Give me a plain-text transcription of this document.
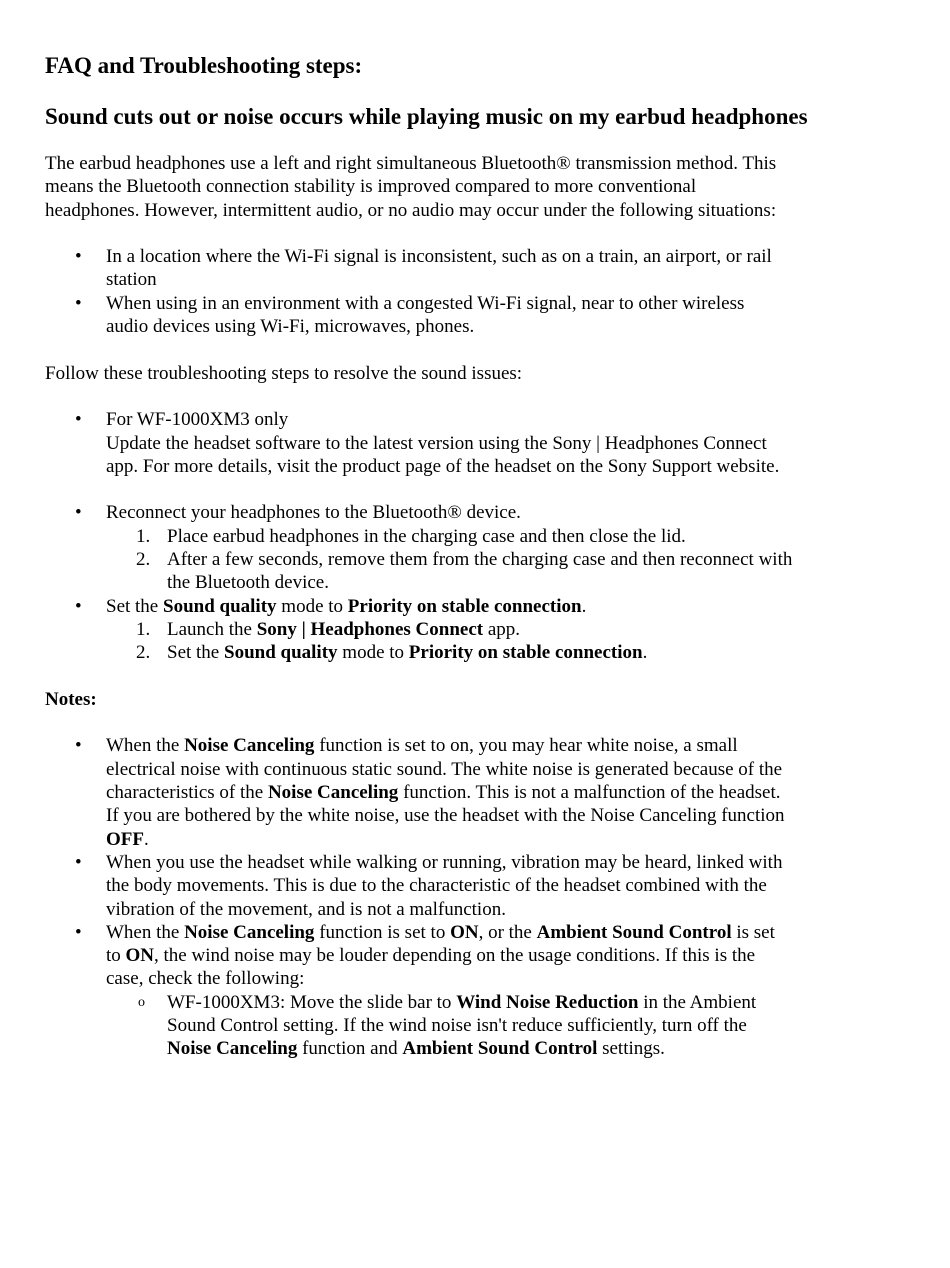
FAQ and Troubleshooting steps:
Sound cuts out or noise occurs while playing music on my earbud headphones

The earbud headphones use a left and right simultaneous Bluetooth® transmission method. This
means the Bluetooth connection stability is improved compared to more conventional
headphones. However, intermittent audio, or no audio may occur under the following situations:

• In a location where the Wi-Fi signal is inconsistent, such as on a train, an airport, or rail
station
• When using in an environment with a congested Wi-Fi signal, near to other wireless
audio devices using Wi-Fi, microwaves, phones.

Follow these troubleshooting steps to resolve the sound issues:

• For WF-1000XM3 only
Update the headset software to the latest version using the Sony | Headphones Connect
app. For more details, visit the product page of the headset on the Sony Support website.
• Reconnect your headphones to the Bluetooth® device.
1. Place earbud headphones in the charging case and then close the lid.
2. After a few seconds, remove them from the charging case and then reconnect with
the Bluetooth device.
• Set the Sound quality mode to Priority on stable connection.
1. Launch the Sony | Headphones Connect app.
2. Set the Sound quality mode to Priority on stable connection.

Notes:

• When the Noise Canceling function is set to on, you may hear white noise, a small
electrical noise with continuous static sound. The white noise is generated because of the
characteristics of the Noise Canceling function. This is not a malfunction of the headset.
If you are bothered by the white noise, use the headset with the Noise Canceling function
OFF.
• When you use the headset while walking or running, vibration may be heard, linked with
the body movements. This is due to the characteristic of the headset combined with the
vibration of the movement, and is not a malfunction.
• When the Noise Canceling function is set to ON, or the Ambient Sound Control is set
to ON, the wind noise may be louder depending on the usage conditions. If this is the
case, check the following:
o WF-1000XM3: Move the slide bar to Wind Noise Reduction in the Ambient
Sound Control setting. If the wind noise isn't reduce sufficiently, turn off the
Noise Canceling function and Ambient Sound Control settings.
